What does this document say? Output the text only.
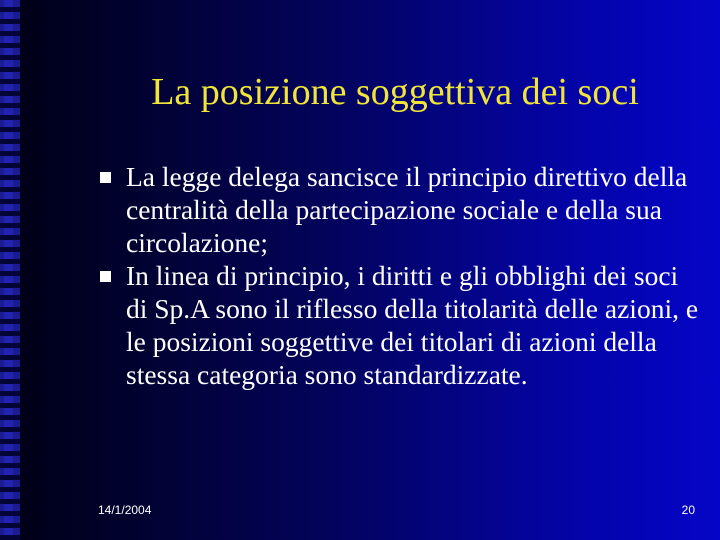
La posizione soggettiva dei soci
La legge delega sancisce il principio direttivo della centralità della partecipazione sociale e della sua circolazione;
In linea di principio, i diritti e gli obblighi dei soci di Sp.A sono il riflesso della titolarità delle azioni, e le posizioni soggettive dei titolari di azioni della stessa categoria sono standardizzate.
14/1/2004	20
